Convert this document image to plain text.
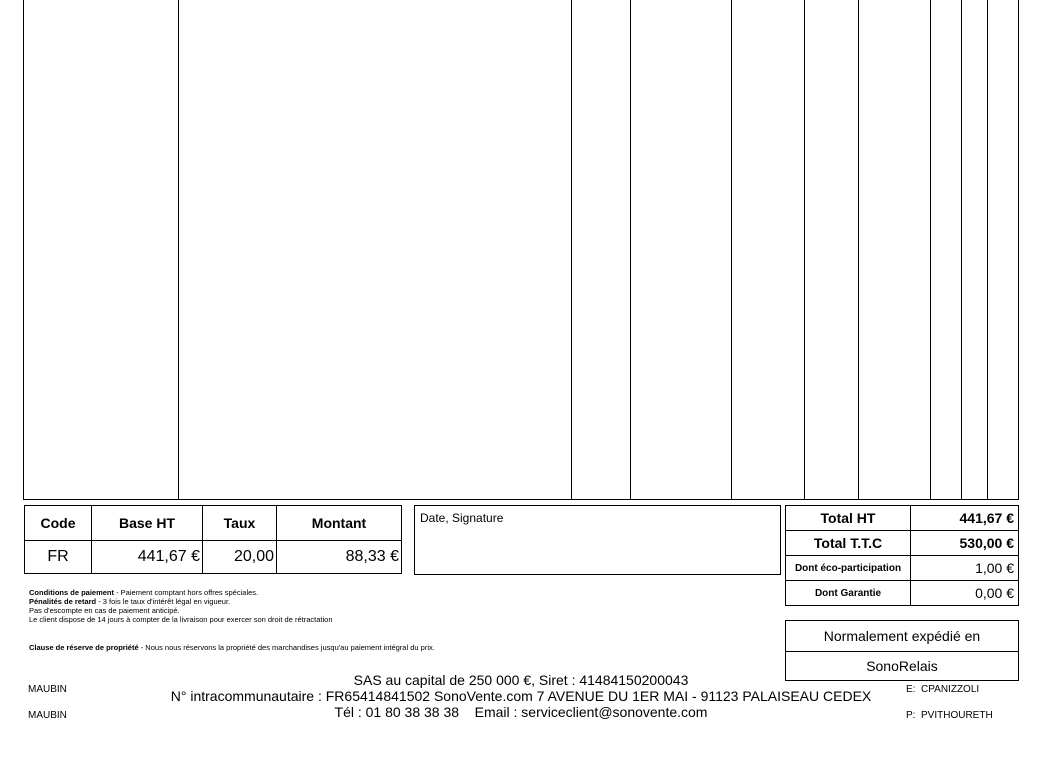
Code	Base HT	Taux	Montant
FR	441,67 €	20,00	88,33 €
Date, Signature	Total HT	441,67 €
Total T.T.C	530,00 €
Dont éco-participation	1,00 €
Dont Garantie	0,00 €
Conditions de paiement - Paiement comptant hors offres spéciales.
Pénalités de retard - 3 fois le taux d'intérêt légal en vigueur.
Pas d'escompte en cas de paiement anticipé.
Le client dispose de 14 jours à compter de la livraison pour exercer son droit de rétractation
Clause de réserve de propriété - Nous nous réservons la propriété des marchandises jusqu'au paiement intégral du prix.
Normalement expédié en
SonoRelais
SAS au capital de 250 000 €, Siret : 41484150200043
N° intracommunautaire : FR65414841502 SonoVente.com 7 AVENUE DU 1ER MAI - 91123 PALAISEAU CEDEX
Tél : 01 80 38 38 38    Email : serviceclient@sonovente.com
MAUBIN
MAUBIN
E: CPANIZZOLI
P: PVITHOURETH
